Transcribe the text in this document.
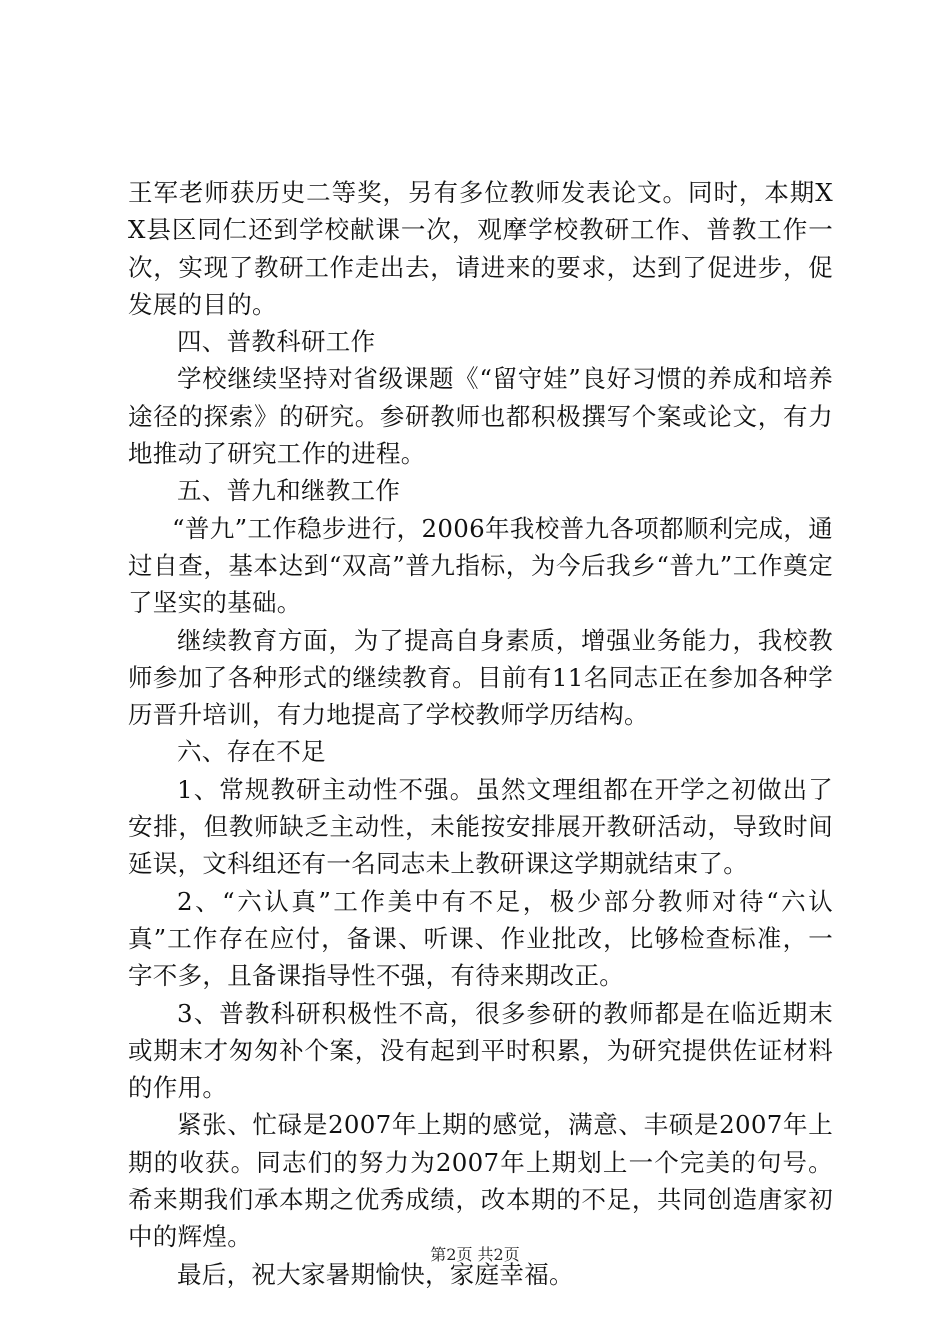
王军老师获历史二等奖，另有多位教师发表论文。同时，本期XX县区同仁还到学校献课一次，观摩学校教研工作、普教工作一次，实现了教研工作走出去，请进来的要求，达到了促进步，促发展的目的。

四、普教科研工作

学校继续坚持对省级课题《“留守娃”良好习惯的养成和培养途径的探索》的研究。参研教师也都积极撰写个案或论文，有力地推动了研究工作的进程。

五、普九和继教工作

“普九”工作稳步进行，2006年我校普九各项都顺利完成，通过自查，基本达到“双高”普九指标，为今后我乡“普九”工作奠定了坚实的基础。

继续教育方面，为了提高自身素质，增强业务能力，我校教师参加了各种形式的继续教育。目前有11名同志正在参加各种学历晋升培训，有力地提高了学校教师学历结构。

六、存在不足

1、常规教研主动性不强。虽然文理组都在开学之初做出了安排，但教师缺乏主动性，未能按安排展开教研活动，导致时间延误，文科组还有一名同志未上教研课这学期就结束了。

2、“六认真”工作美中有不足，极少部分教师对待“六认真”工作存在应付，备课、听课、作业批改，比够检查标准，一字不多，且备课指导性不强，有待来期改正。

3、普教科研积极性不高，很多参研的教师都是在临近期末或期末才匆匆补个案，没有起到平时积累，为研究提供佐证材料的作用。

紧张、忙碌是2007年上期的感觉，满意、丰硕是2007年上期的收获。同志们的努力为2007年上期划上一个完美的句号。希来期我们承本期之优秀成绩，改本期的不足，共同创造唐家初中的辉煌。

最后，祝大家暑期愉快，家庭幸福。

第2页 共2页
